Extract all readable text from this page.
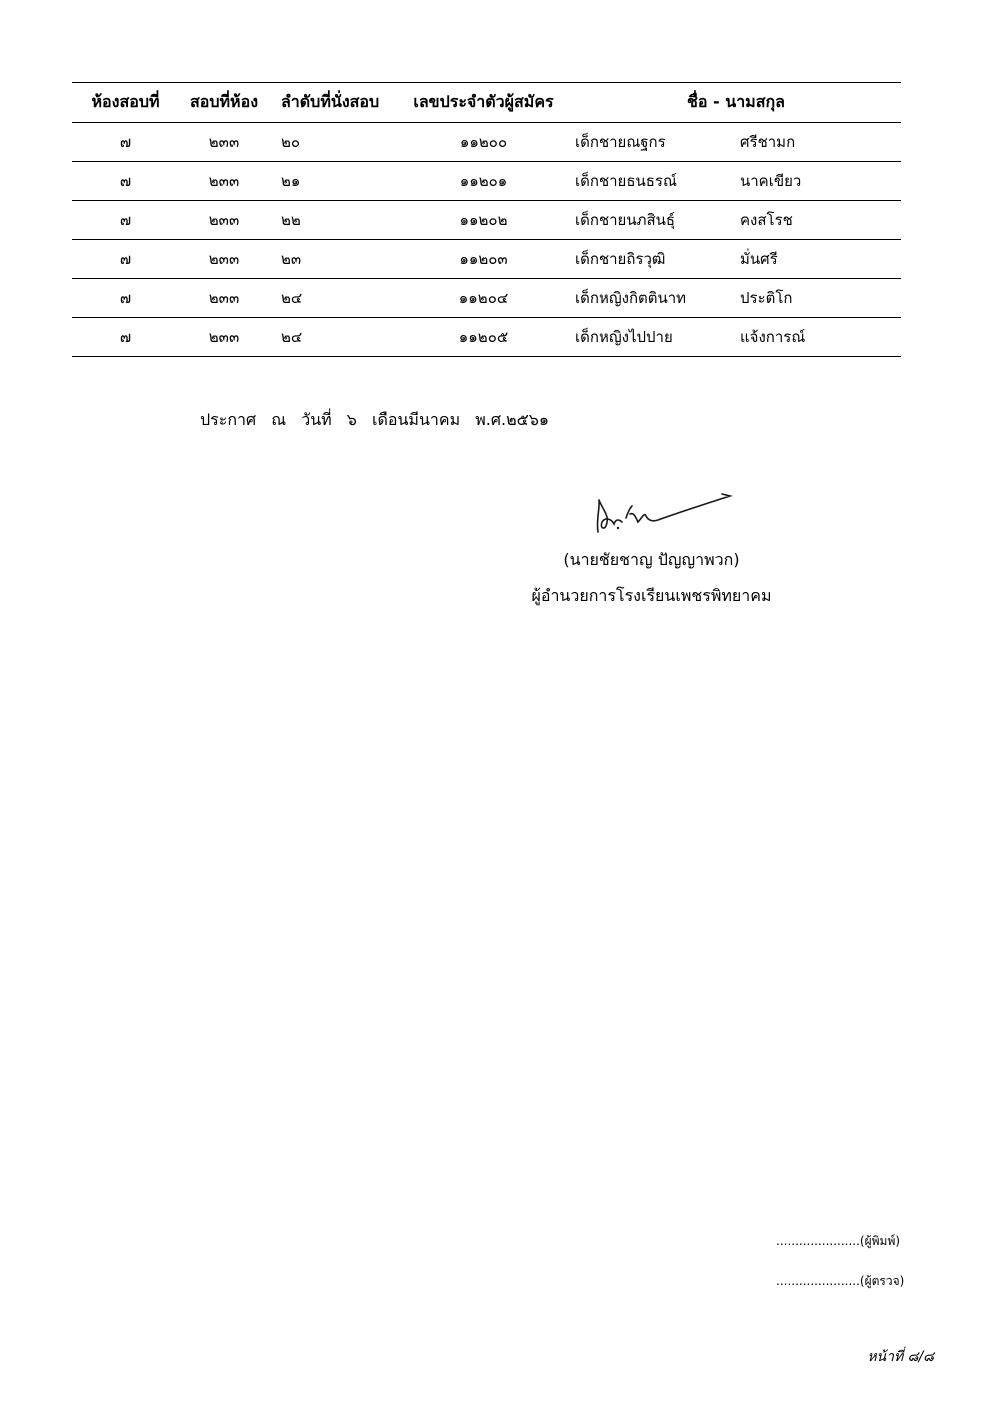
ห้องสอบที่	สอบที่ห้อง	ลำดับที่นั่งสอบ	เลขประจำตัวผู้สมัคร	ชื่อ - นามสกุล	
๗	๒๓๓	๒๐	๑๑๒๐๐	เด็กชายณฐกร	ศรีชามก
๗	๒๓๓	๒๑	๑๑๒๐๑	เด็กชายธนธรณ์	นาคเขียว
๗	๒๓๓	๒๒	๑๑๒๐๒	เด็กชายนภสินธุ์	คงสโรช
๗	๒๓๓	๒๓	๑๑๒๐๓	เด็กชายถิรวุฒิ	มั่นศรี
๗	๒๓๓	๒๔	๑๑๒๐๔	เด็กหญิงกิตตินาท	ประติโก
๗	๒๓๓	๒๔	๑๑๒๐๕	เด็กหญิงไปปาย	แจ้งการณ์
ประกาศ ณ วันที่ ๖ เดือนมีนาคม พ.ศ.๒๕๖๑
(นายชัยชาญ ปัญญาพวก)
ผู้อำนวยการโรงเรียนเพชรพิทยาคม
......................(ผู้พิมพ์)
......................(ผู้ตรวจ)
หน้าที่ ๘/๘
